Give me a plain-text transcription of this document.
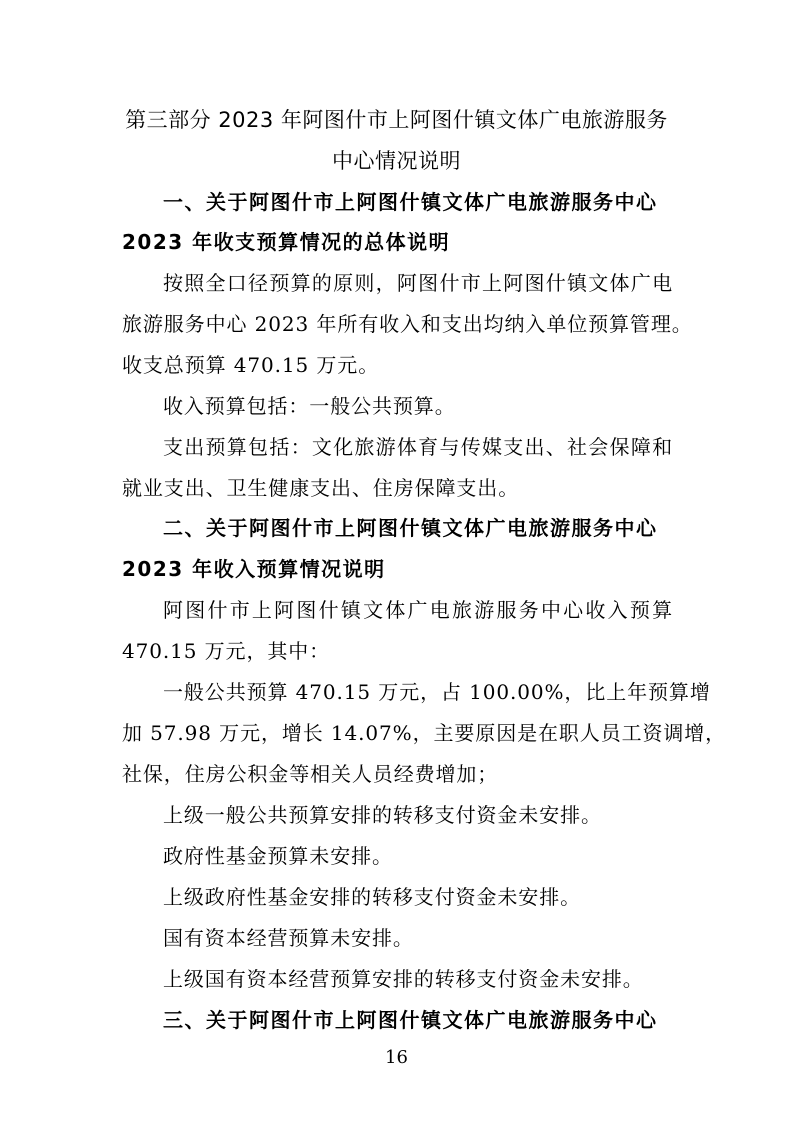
第三部分 2023 年阿图什市上阿图什镇文体广电旅游服务
中心情况说明
一、关于阿图什市上阿图什镇文体广电旅游服务中心
2023 年收支预算情况的总体说明
按照全口径预算的原则，阿图什市上阿图什镇文体广电
旅游服务中心 2023 年所有收入和支出均纳入单位预算管理。
收支总预算 470.15 万元。
收入预算包括：一般公共预算。
支出预算包括：文化旅游体育与传媒支出、社会保障和
就业支出、卫生健康支出、住房保障支出。
二、关于阿图什市上阿图什镇文体广电旅游服务中心
2023 年收入预算情况说明
阿图什市上阿图什镇文体广电旅游服务中心收入预算
470.15 万元，其中：
一般公共预算 470.15 万元，占 100.00%，比上年预算增
加 57.98 万元，增长 14.07%，主要原因是在职人员工资调增，
社保，住房公积金等相关人员经费增加；
上级一般公共预算安排的转移支付资金未安排。
政府性基金预算未安排。
上级政府性基金安排的转移支付资金未安排。
国有资本经营预算未安排。
上级国有资本经营预算安排的转移支付资金未安排。
三、关于阿图什市上阿图什镇文体广电旅游服务中心
16
